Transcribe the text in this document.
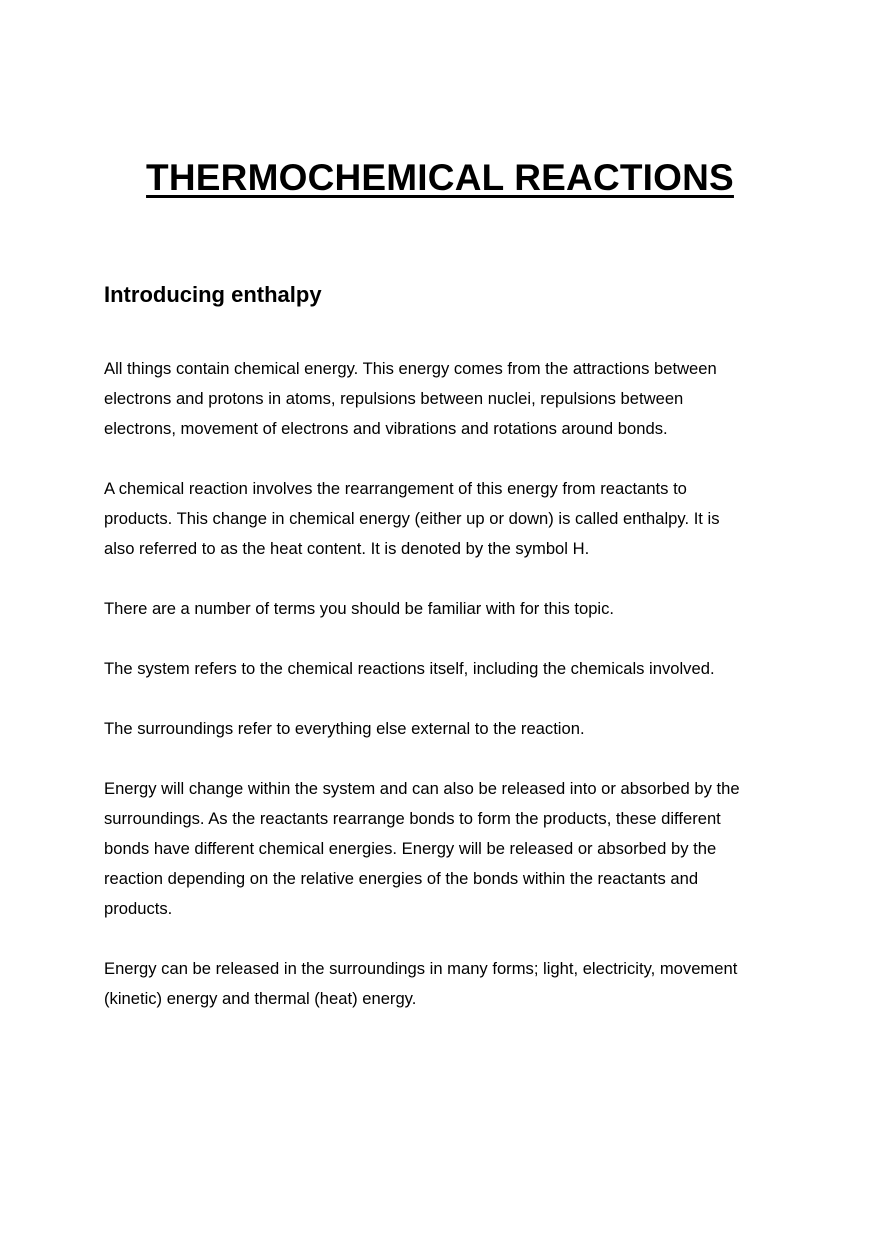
THERMOCHEMICAL REACTIONS
Introducing enthalpy

All things contain chemical energy. This energy comes from the attractions between
electrons and protons in atoms, repulsions between nuclei, repulsions between
electrons, movement of electrons and vibrations and rotations around bonds.

A chemical reaction involves the rearrangement of this energy from reactants to
products. This change in chemical energy (either up or down) is called enthalpy. It is
also referred to as the heat content. It is denoted by the symbol H.

There are a number of terms you should be familiar with for this topic.

The system refers to the chemical reactions itself, including the chemicals involved.

The surroundings refer to everything else external to the reaction.

Energy will change within the system and can also be released into or absorbed by the
surroundings. As the reactants rearrange bonds to form the products, these different
bonds have different chemical energies. Energy will be released or absorbed by the
reaction depending on the relative energies of the bonds within the reactants and
products.

Energy can be released in the surroundings in many forms; light, electricity, movement
(kinetic) energy and thermal (heat) energy.
